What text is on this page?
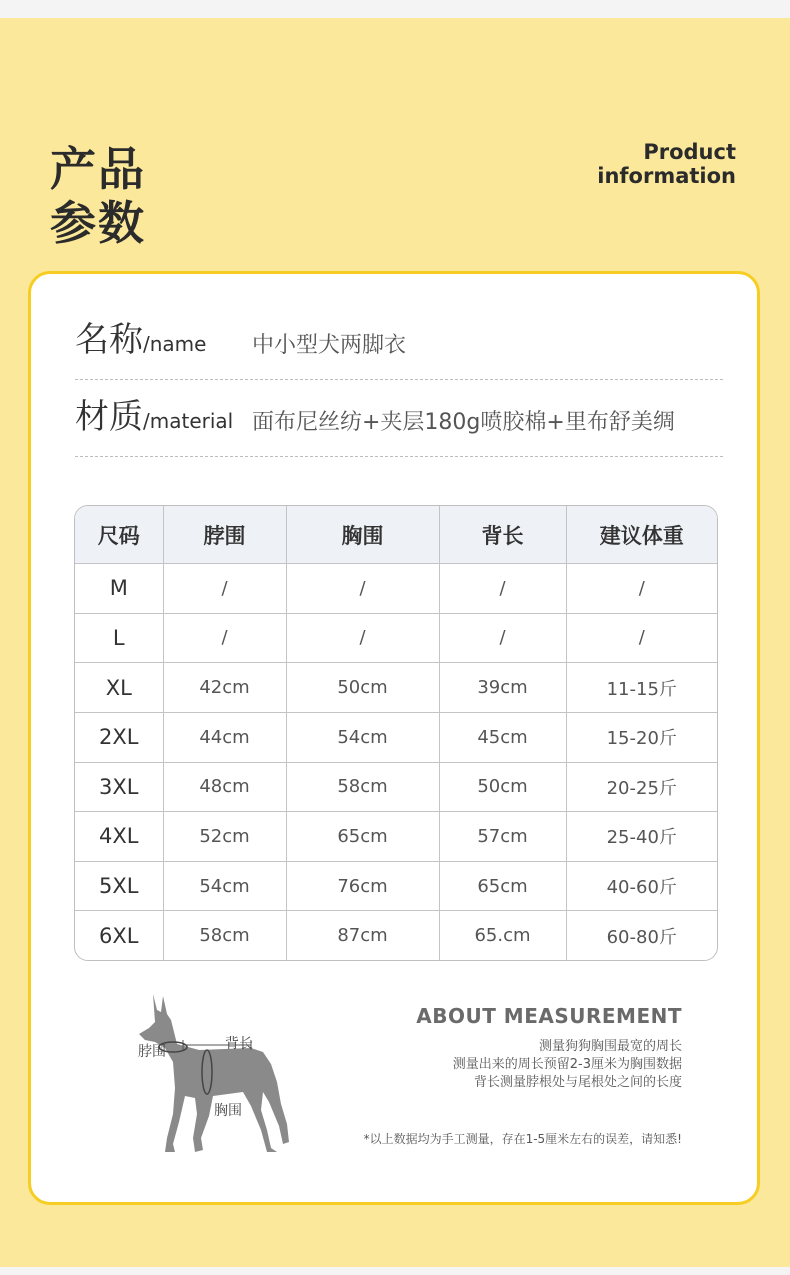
产品
参数
Product
information
名称/name 中小型犬两脚衣
材质/material 面布尼丝纺+夹层180g喷胶棉+里布舒美绸
尺码	脖围	胸围	背长	建议体重
M	/	/	/	/
L	/	/	/	/
XL	42cm	50cm	39cm	11-15斤
2XL	44cm	54cm	45cm	15-20斤
3XL	48cm	58cm	50cm	20-25斤
4XL	52cm	65cm	57cm	25-40斤
5XL	54cm	76cm	65cm	40-60斤
6XL	58cm	87cm	65.cm	60-80斤
脖围	背长
胸围
ABOUT MEASUREMENT
测量狗狗胸围最宽的周长
测量出来的周长预留2-3厘米为胸围数据
背长测量脖根处与尾根处之间的长度
*以上数据均为手工测量，存在1-5厘米左右的误差，请知悉!
